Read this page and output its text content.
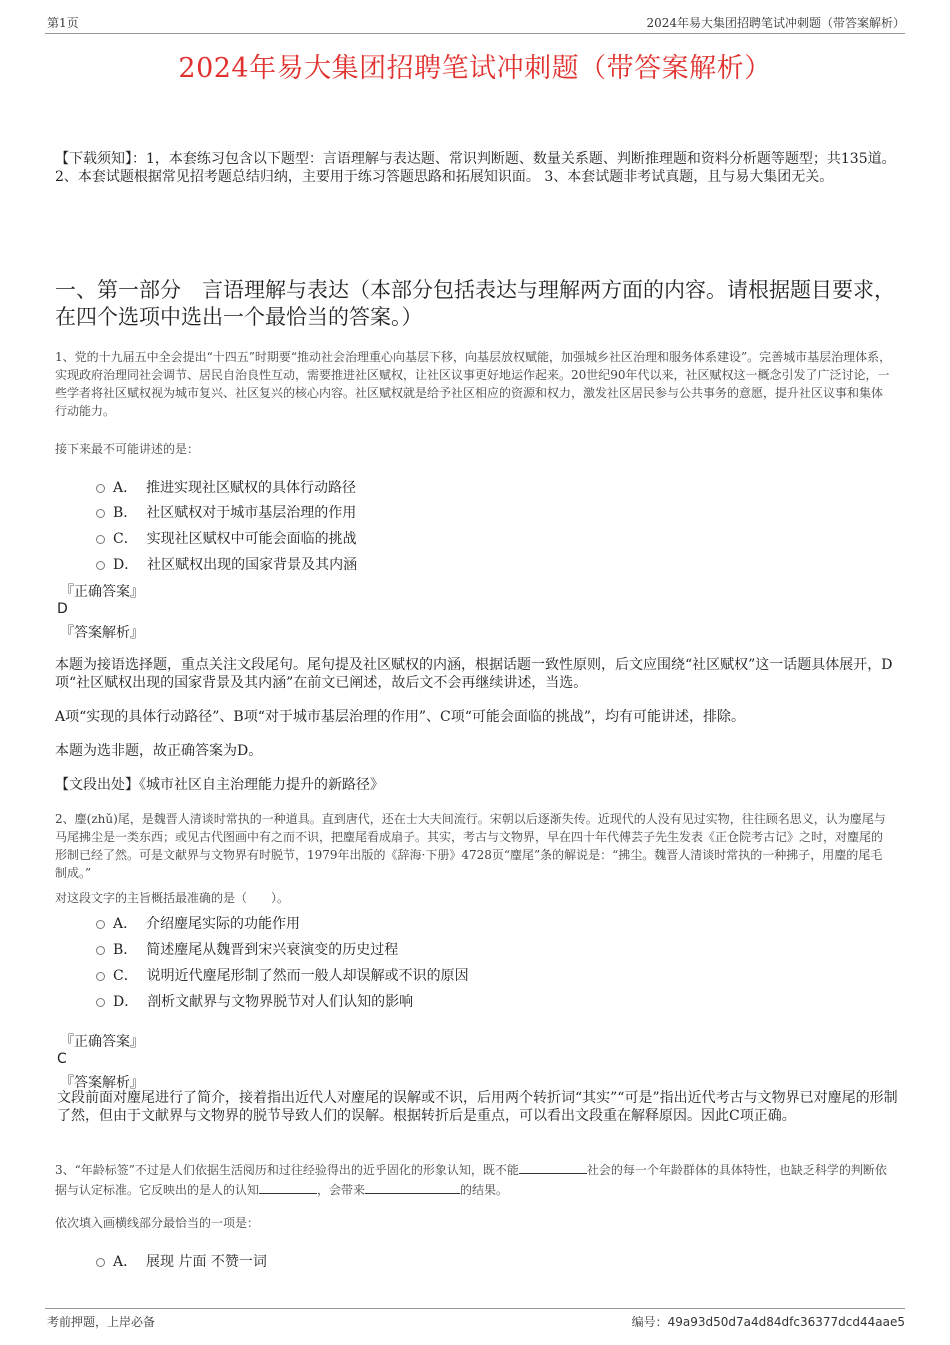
第1页	2024年易大集团招聘笔试冲刺题（带答案解析）
2024年易大集团招聘笔试冲刺题（带答案解析）
【下载须知】：1，本套练习包含以下题型：言语理解与表达题、常识判断题、数量关系题、判断推理题和资料分析题等题型；共135道。 2、本套试题根据常见招考题总结归纳，主要用于练习答题思路和拓展知识面。 3、本套试题非考试真题，且与易大集团无关。
一、第一部分　言语理解与表达（本部分包括表达与理解两方面的内容。请根据题目要求，在四个选项中选出一个最恰当的答案。）
1、党的十九届五中全会提出“十四五”时期要“推动社会治理重心向基层下移，向基层放权赋能，加强城乡社区治理和服务体系建设”。完善城市基层治理体系，实现政府治理同社会调节、居民自治良性互动，需要推进社区赋权，让社区议事更好地运作起来。20世纪90年代以来，社区赋权这一概念引发了广泛讨论，一些学者将社区赋权视为城市复兴、社区复兴的核心内容。社区赋权就是给予社区相应的资源和权力，激发社区居民参与公共事务的意愿，提升社区议事和集体行动能力。
接下来最不可能讲述的是：
A． 推进实现社区赋权的具体行动路径
B． 社区赋权对于城市基层治理的作用
C． 实现社区赋权中可能会面临的挑战
D． 社区赋权出现的国家背景及其内涵
『正确答案』
D
『答案解析』
本题为接语选择题，重点关注文段尾句。尾句提及社区赋权的内涵，根据话题一致性原则，后文应围绕“社区赋权”这一话题具体展开，D项“社区赋权出现的国家背景及其内涵”在前文已阐述，故后文不会再继续讲述，当选。
A项“实现的具体行动路径”、B项“对于城市基层治理的作用”、C项“可能会面临的挑战”，均有可能讲述，排除。
本题为选非题，故正确答案为D。
【文段出处】《城市社区自主治理能力提升的新路径》
2、麈(zhǔ)尾，是魏晋人清谈时常执的一种道具。直到唐代，还在士大夫间流行。宋朝以后逐渐失传。近现代的人没有见过实物，往往顾名思义，认为麈尾与马尾拂尘是一类东西；或见古代图画中有之而不识，把麈尾看成扇子。其实，考古与文物界，早在四十年代傅芸子先生发表《正仓院考古记》之时，对麈尾的形制已经了然。可是文献界与文物界有时脱节，1979年出版的《辞海·下册》4728页“麈尾”条的解说是：“拂尘。魏晋人清谈时常执的一种拂子，用麈的尾毛制成。”
对这段文字的主旨概括最准确的是（　　）。
A． 介绍麈尾实际的功能作用
B． 简述麈尾从魏晋到宋兴衰演变的历史过程
C． 说明近代麈尾形制了然而一般人却误解或不识的原因
D． 剖析文献界与文物界脱节对人们认知的影响
『正确答案』
C
『答案解析』
文段前面对麈尾进行了简介，接着指出近代人对麈尾的误解或不识，后用两个转折词“其实”“可是”指出近代考古与文物界已对麈尾的形制了然，但由于文献界与文物界的脱节导致人们的误解。根据转折后是重点，可以看出文段重在解释原因。因此C项正确。
3、“年龄标签”不过是人们依据生活阅历和过往经验得出的近乎固化的形象认知，既不能	社会的每一个年龄群体的具体特性，也缺乏科学的判断依据与认定标准。它反映出的是人的认知	，会带来	的结果。
依次填入画横线部分最恰当的一项是：
A． 展现 片面 不赞一词
考前押题，上岸必备	编号：49a93d50d7a4d84dfc36377dcd44aae5
